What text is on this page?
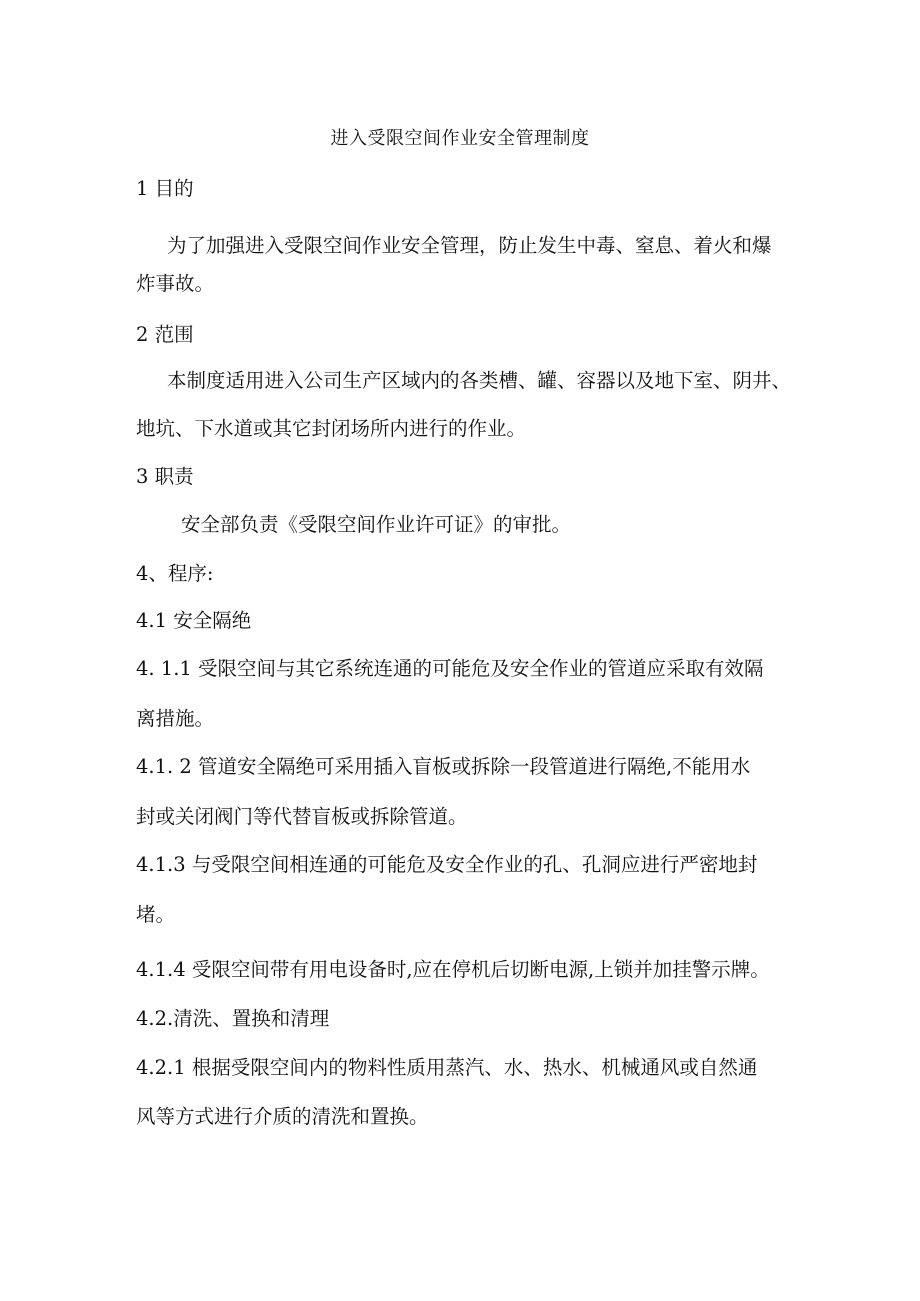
进入受限空间作业安全管理制度
1 目的
为了加强进入受限空间作业安全管理，防止发生中毒、窒息、着火和爆
炸事故。
2 范围
本制度适用进入公司生产区域内的各类槽、罐、容器以及地下室、阴井、
地坑、下水道或其它封闭场所内进行的作业。
3 职责
安全部负责《受限空间作业许可证》的审批。
4、程序:
4.1 安全隔绝
4. 1.1 受限空间与其它系统连通的可能危及安全作业的管道应采取有效隔
离措施。
4.1. 2 管道安全隔绝可采用插入盲板或拆除一段管道进行隔绝,不能用水
封或关闭阀门等代替盲板或拆除管道。
4.1.3 与受限空间相连通的可能危及安全作业的孔、孔洞应进行严密地封
堵。
4.1.4 受限空间带有用电设备时,应在停机后切断电源,上锁并加挂警示牌。
4.2.清洗、置换和清理
4.2.1 根据受限空间内的物料性质用蒸汽、水、热水、机械通风或自然通
风等方式进行介质的清洗和置换。
